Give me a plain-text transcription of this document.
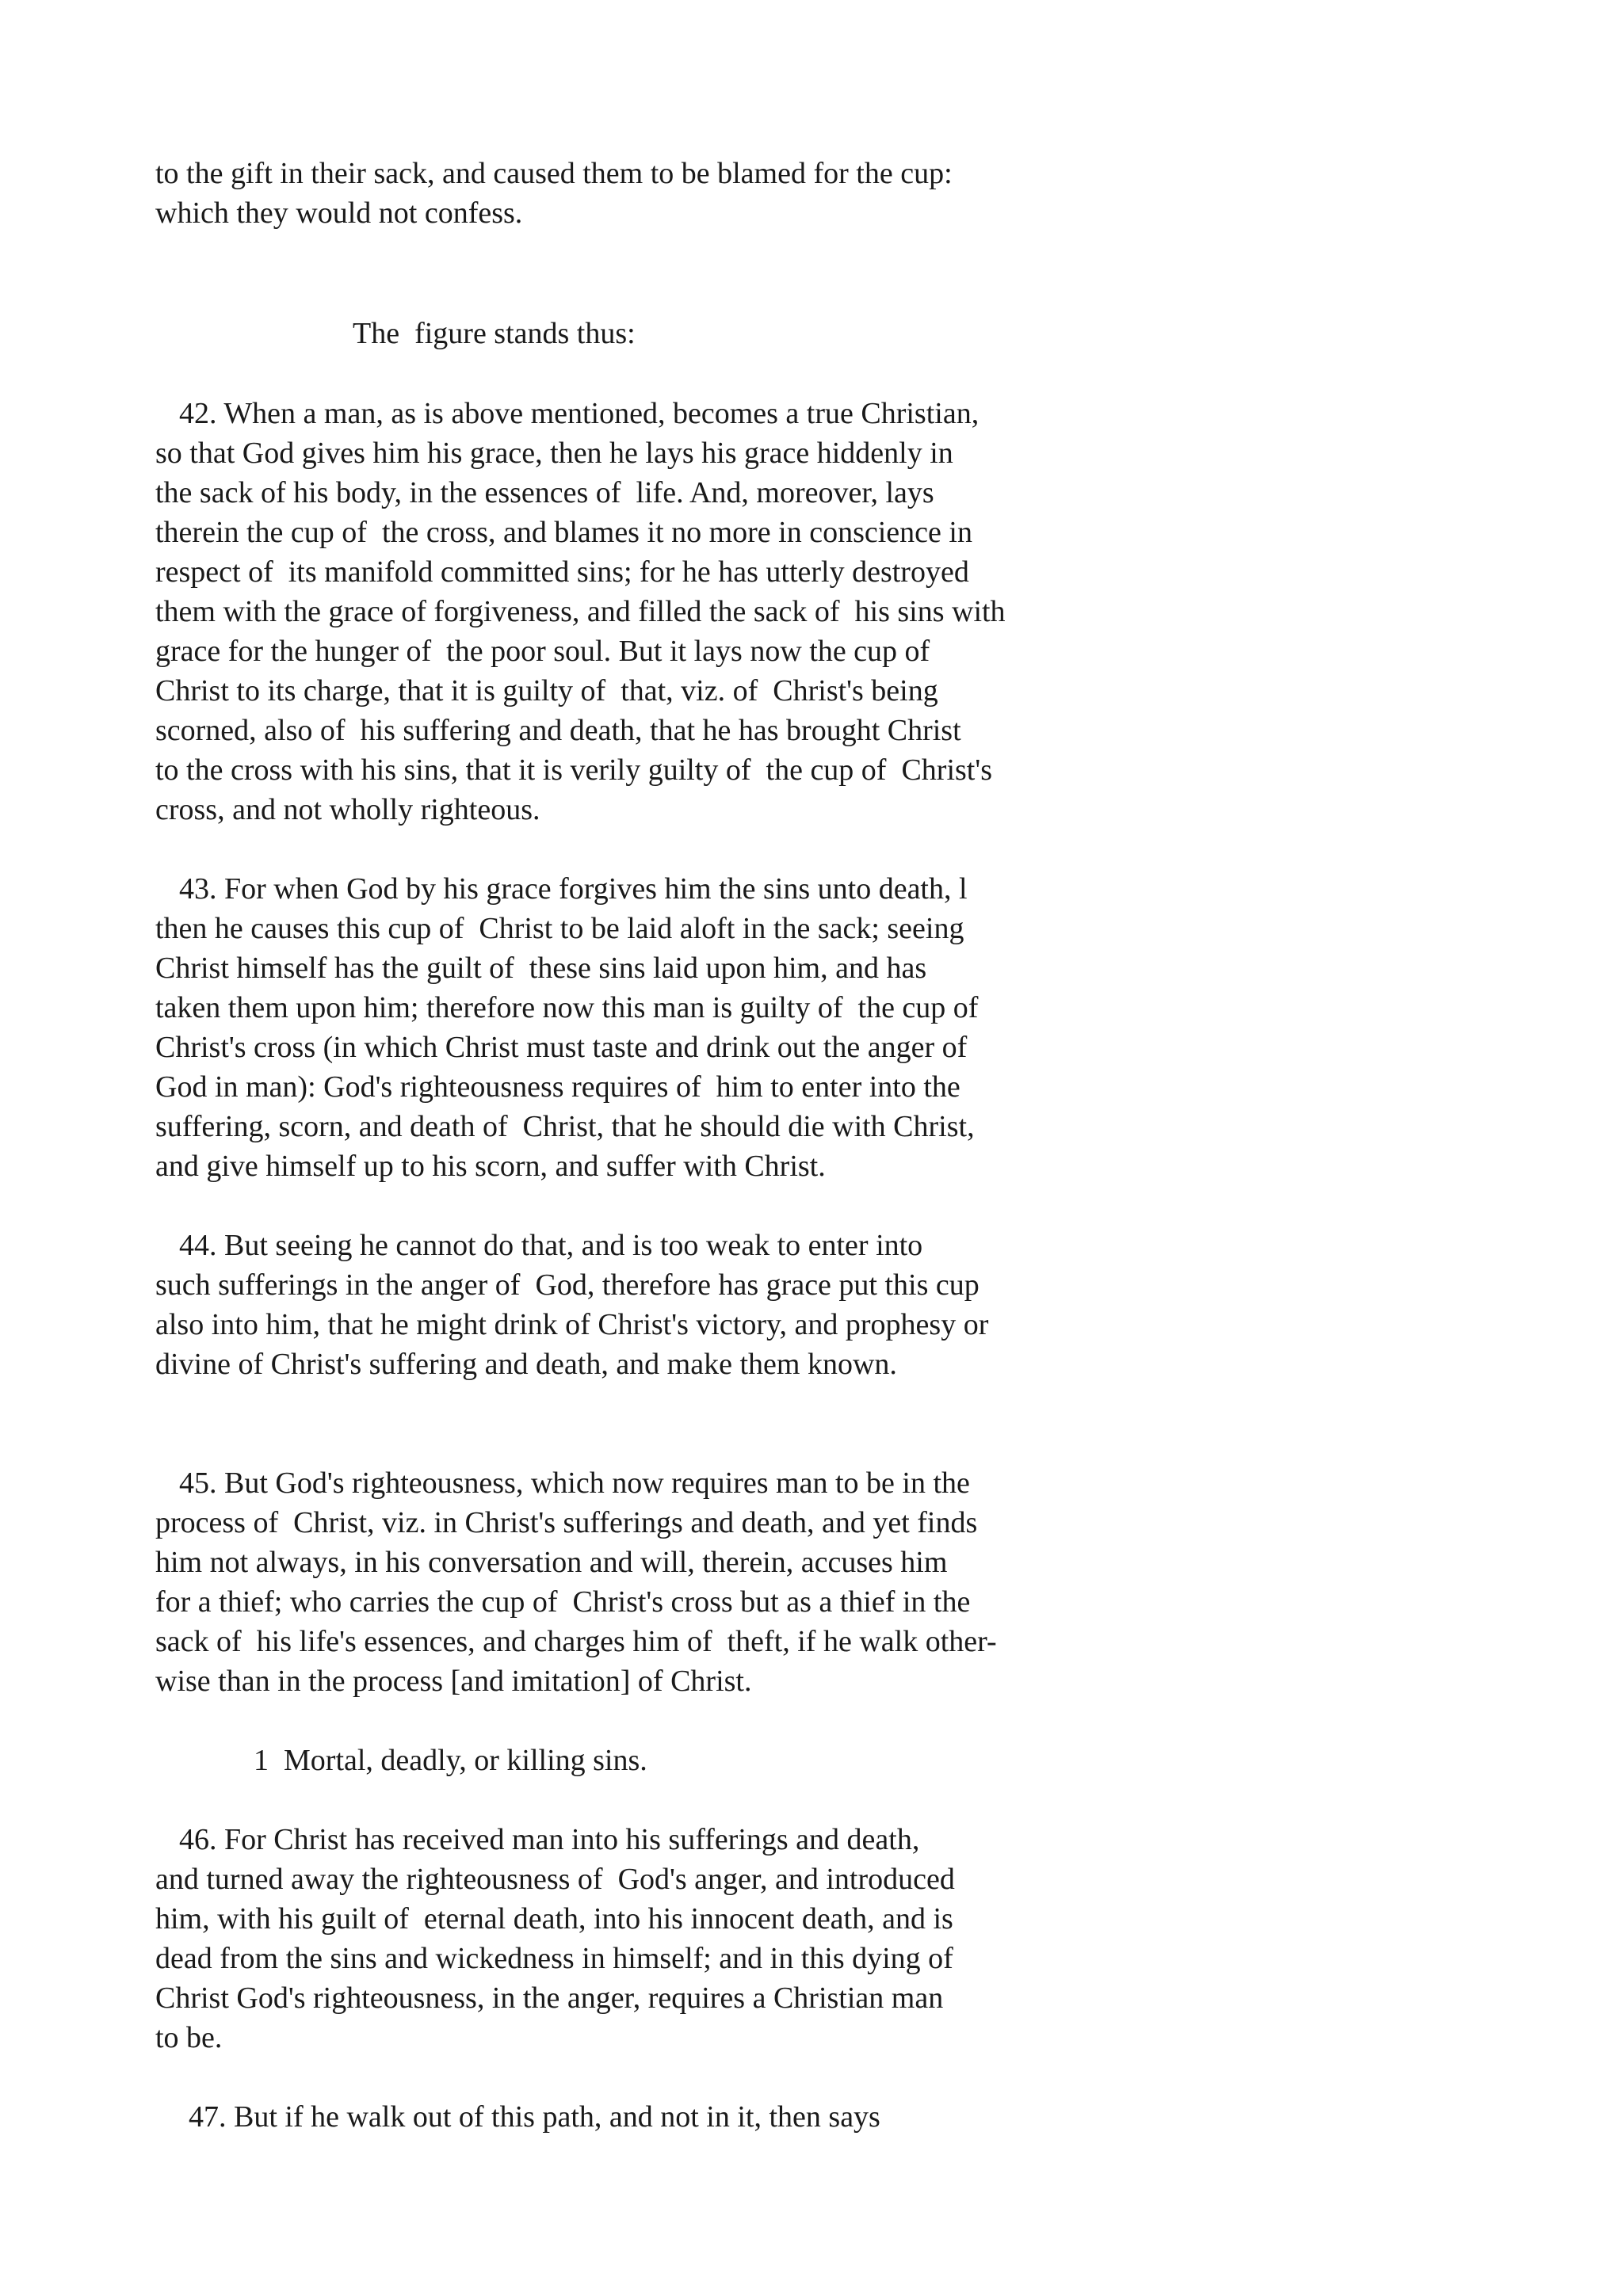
to the gift in their sack, and caused them to be blamed for the cup:
which they would not confess.
The  figure stands thus:
42. When a man, as is above mentioned, becomes a true Christian,
so that God gives him his grace, then he lays his grace hiddenly in
the sack of his body, in the essences of  life. And, moreover, lays
therein the cup of  the cross, and blames it no more in conscience in
respect of  its manifold committed sins; for he has utterly destroyed
them with the grace of forgiveness, and filled the sack of  his sins with
grace for the hunger of  the poor soul. But it lays now the cup of
Christ to its charge, that it is guilty of  that, viz. of  Christ's being
scorned, also of  his suffering and death, that he has brought Christ
to the cross with his sins, that it is verily guilty of  the cup of  Christ's
cross, and not wholly righteous.
43. For when God by his grace forgives him the sins unto death, l
then he causes this cup of  Christ to be laid aloft in the sack; seeing
Christ himself has the guilt of  these sins laid upon him, and has
taken them upon him; therefore now this man is guilty of  the cup of
Christ's cross (in which Christ must taste and drink out the anger of
God in man): God's righteousness requires of  him to enter into the
suffering, scorn, and death of  Christ, that he should die with Christ,
and give himself up to his scorn, and suffer with Christ.
44. But seeing he cannot do that, and is too weak to enter into
such sufferings in the anger of  God, therefore has grace put this cup
also into him, that he might drink of Christ's victory, and prophesy or
divine of Christ's suffering and death, and make them known.
45. But God's righteousness, which now requires man to be in the
process of  Christ, viz. in Christ's sufferings and death, and yet finds
him not always, in his conversation and will, therein, accuses him
for a thief; who carries the cup of  Christ's cross but as a thief in the
sack of  his life's essences, and charges him of  theft, if he walk other-
wise than in the process [and imitation] of Christ.
1  Mortal, deadly, or killing sins.
46. For Christ has received man into his sufferings and death,
and turned away the righteousness of  God's anger, and introduced
him, with his guilt of  eternal death, into his innocent death, and is
dead from the sins and wickedness in himself; and in this dying of
Christ God's righteousness, in the anger, requires a Christian man
to be.
47. But if he walk out of this path, and not in it, then says
